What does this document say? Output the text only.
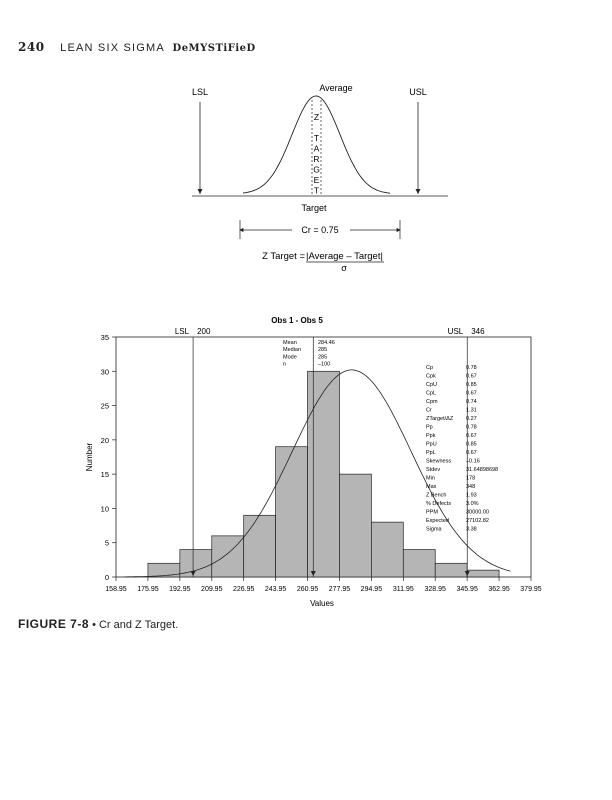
240 LEAN SIX SIGMA DeMYSTiFieD
LSL	USL
Average
Z
T
A
R
G
E
T
Target
Cr = 0.75
Z Target = |Average – Target|
σ
Obs 1 - Obs 5
LSL 200	USL 346
0
5
10
15
20
25
30
35
158.95 175.95 192.95 209.95 226.95 243.95 260.95 277.95 294.95 311.95 328.95 345.95 362.95 379.95
Number
Values
Mean	284.46
Median	285
Mode	285
n	–100
Cp	0.78
Cpk	0.67
CpU	0.85
CpL	0.67
Cpm	0.74
Cr	1.31
ZTarget/ΔZ 0.27
Pp	0.78
Ppk	0.67
PpU	0.85
PpL	0.67
Skewness	–0.16
Stdev	31.64898698
Min	178
Max	348
Z Bench	1.93
% Defects	3.0%
PPM	30000.00
Expected	27102.82
Sigma	3.38
FIGURE 7-8 • Cr and Z Target.
